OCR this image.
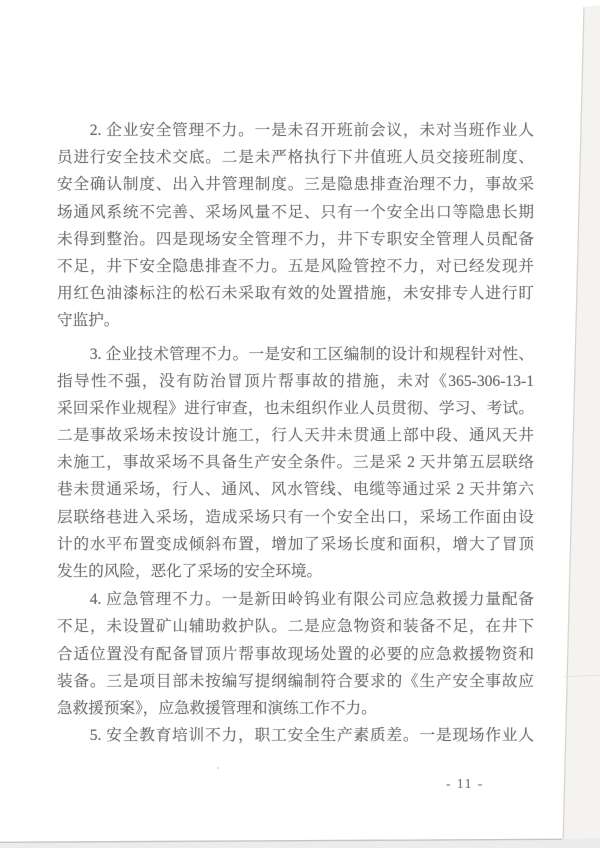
2. 企业安全管理不力。一是未召开班前会议，未对当班作业人
员进行安全技术交底。二是未严格执行下井值班人员交接班制度、
安全确认制度、出入井管理制度。三是隐患排查治理不力，事故采
场通风系统不完善、采场风量不足、只有一个安全出口等隐患长期
未得到整治。四是现场安全管理不力，井下专职安全管理人员配备
不足，井下安全隐患排查不力。五是风险管控不力，对已经发现并
用红色油漆标注的松石未采取有效的处置措施，未安排专人进行盯
守监护。
3. 企业技术管理不力。一是安和工区编制的设计和规程针对性、
指导性不强，没有防治冒顶片帮事故的措施，未对《365-306-13-1
采回采作业规程》进行审查，也未组织作业人员贯彻、学习、考试。
二是事故采场未按设计施工，行人天井未贯通上部中段、通风天井
未施工，事故采场不具备生产安全条件。三是采 2 天井第五层联络
巷未贯通采场，行人、通风、风水管线、电缆等通过采 2 天井第六
层联络巷进入采场，造成采场只有一个安全出口，采场工作面由设
计的水平布置变成倾斜布置，增加了采场长度和面积，增大了冒顶
发生的风险，恶化了采场的安全环境。
4. 应急管理不力。一是新田岭钨业有限公司应急救援力量配备
不足，未设置矿山辅助救护队。二是应急物资和装备不足，在井下
合适位置没有配备冒顶片帮事故现场处置的必要的应急救援物资和
装备。三是项目部未按编写提纲编制符合要求的《生产安全事故应
急救援预案》，应急救援管理和演练工作不力。
5. 安全教育培训不力，职工安全生产素质差。一是现场作业人
- 11 -
